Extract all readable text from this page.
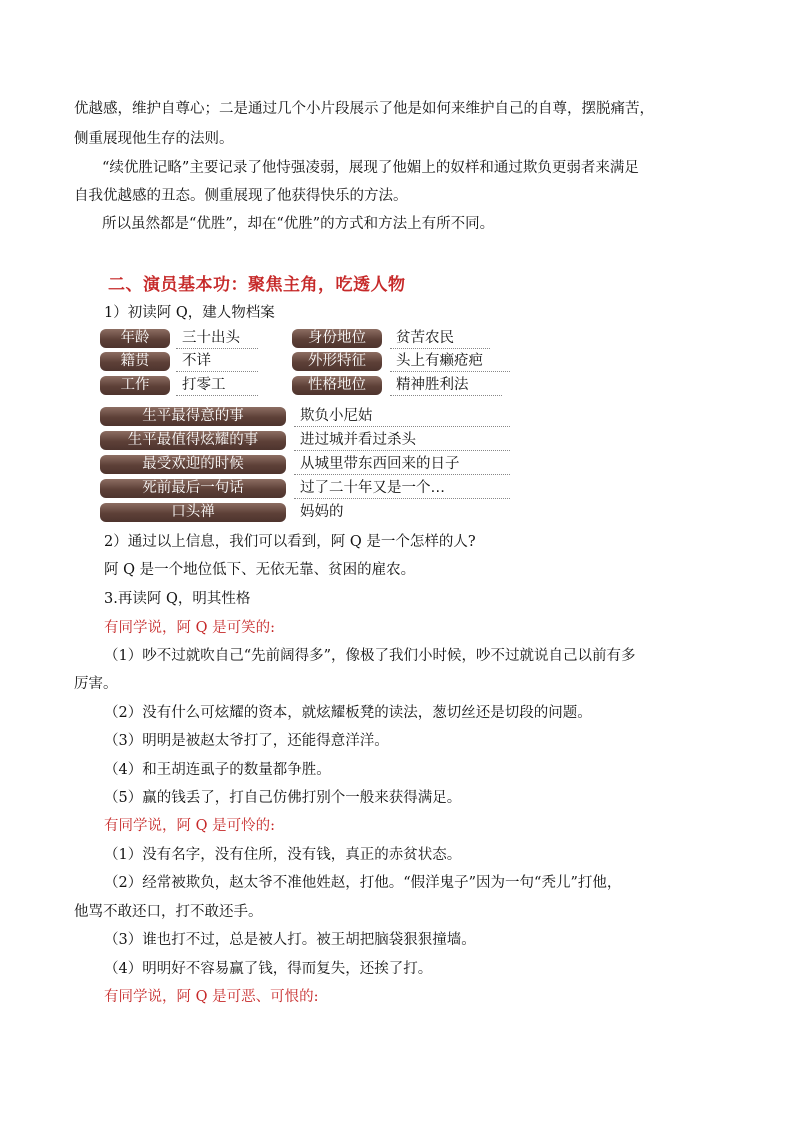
优越感，维护自尊心；二是通过几个小片段展示了他是如何来维护自己的自尊，摆脱痛苦，
侧重展现他生存的法则。
“续优胜记略”主要记录了他恃强凌弱，展现了他媚上的奴样和通过欺负更弱者来满足
自我优越感的丑态。侧重展现了他获得快乐的方法。
所以虽然都是“优胜”，却在“优胜”的方式和方法上有所不同。
二、演员基本功：聚焦主角，吃透人物
1）初读阿 Q，建人物档案
年龄	三十出头	身份地位	贫苦农民
籍贯	不详	外形特征	头上有癞疮疤
工作	打零工	性格地位	精神胜利法
生平最得意的事	欺负小尼姑
生平最值得炫耀的事	进过城并看过杀头
最受欢迎的时候	从城里带东西回来的日子
死前最后一句话	过了二十年又是一个…
口头禅	妈妈的
2）通过以上信息，我们可以看到，阿 Q 是一个怎样的人?
阿 Q 是一个地位低下、无依无靠、贫困的雇农。
3.再读阿 Q，明其性格
有同学说，阿 Q 是可笑的:
（1）吵不过就吹自己“先前阔得多”，像极了我们小时候，吵不过就说自己以前有多
厉害。
（2）没有什么可炫耀的资本，就炫耀板凳的读法，葱切丝还是切段的问题。
（3）明明是被赵太爷打了，还能得意洋洋。
（4）和王胡连虱子的数量都争胜。
（5）赢的钱丢了，打自己仿佛打别个一般来获得满足。
有同学说，阿 Q 是可怜的:
（1）没有名字，没有住所，没有钱，真正的赤贫状态。
（2）经常被欺负，赵太爷不准他姓赵，打他。“假洋鬼子”因为一句“秃儿”打他，
他骂不敢还口，打不敢还手。
（3）谁也打不过，总是被人打。被王胡把脑袋狠狠撞墙。
（4）明明好不容易赢了钱，得而复失，还挨了打。
有同学说，阿 Q 是可恶、可恨的:
